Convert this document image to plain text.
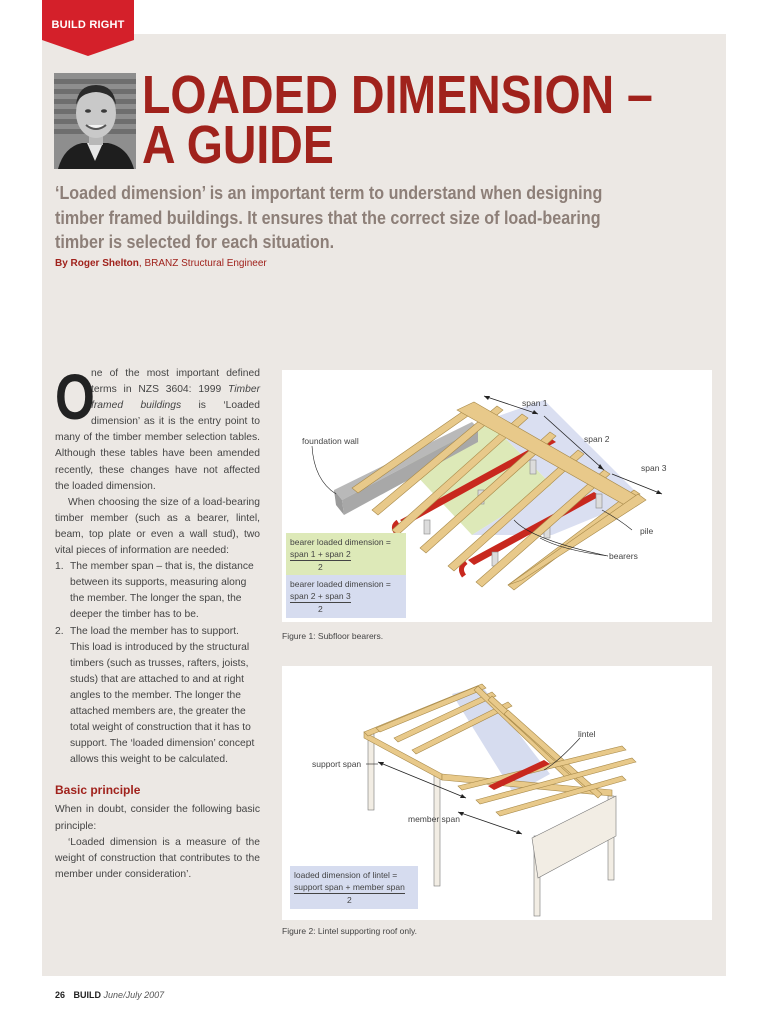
BUILD RIGHT
LOADED DIMENSION –
A GUIDE

‘Loaded dimension’ is an important term to understand when designing timber framed buildings. It ensures that the correct size of load-bearing timber is selected for each situation.

By Roger Shelton, BRANZ Structural Engineer

O
ne of the most important defined terms in NZS 3604: 1999 Timber framed buildings is ‘Loaded dimension’ as it is the entry point to many of the timber member selection tables. Although these tables have been amended recently, these changes have not affected the loaded dimension.

When choosing the size of a load-bearing timber member (such as a bearer, lintel, beam, top plate or even a wall stud), two vital pieces of information are needed:

1. The member span – that is, the distance between its supports, measuring along the member. The longer the span, the deeper the timber has to be.
2. The load the member has to support. This load is introduced by the structural timbers (such as trusses, rafters, joists, studs) that are attached to and at right angles to the member. The longer the attached members are, the greater the total weight of construction that it has to support. The ‘loaded dimension’ concept allows this weight to be calculated.

Basic principle

When in doubt, consider the following basic principle:

‘Loaded dimension is a measure of the weight of construction that contributes to the member under consideration’.

span 1
span 2
span 3
foundation wall
pile
bearers
bearer loaded dimension =
$\frac{\text{span 1 + span 2}}{2}$
bearer loaded dimension =
$\frac{\text{span 2 + span 3}}{2}$
Figure 1: Subfloor bearers.
lintel
support span
member span
loaded dimension of lintel =
$\frac{\text{support span + member span}}{2}$
Figure 2: Lintel supporting roof only.
26 BUILD June/July 2007
